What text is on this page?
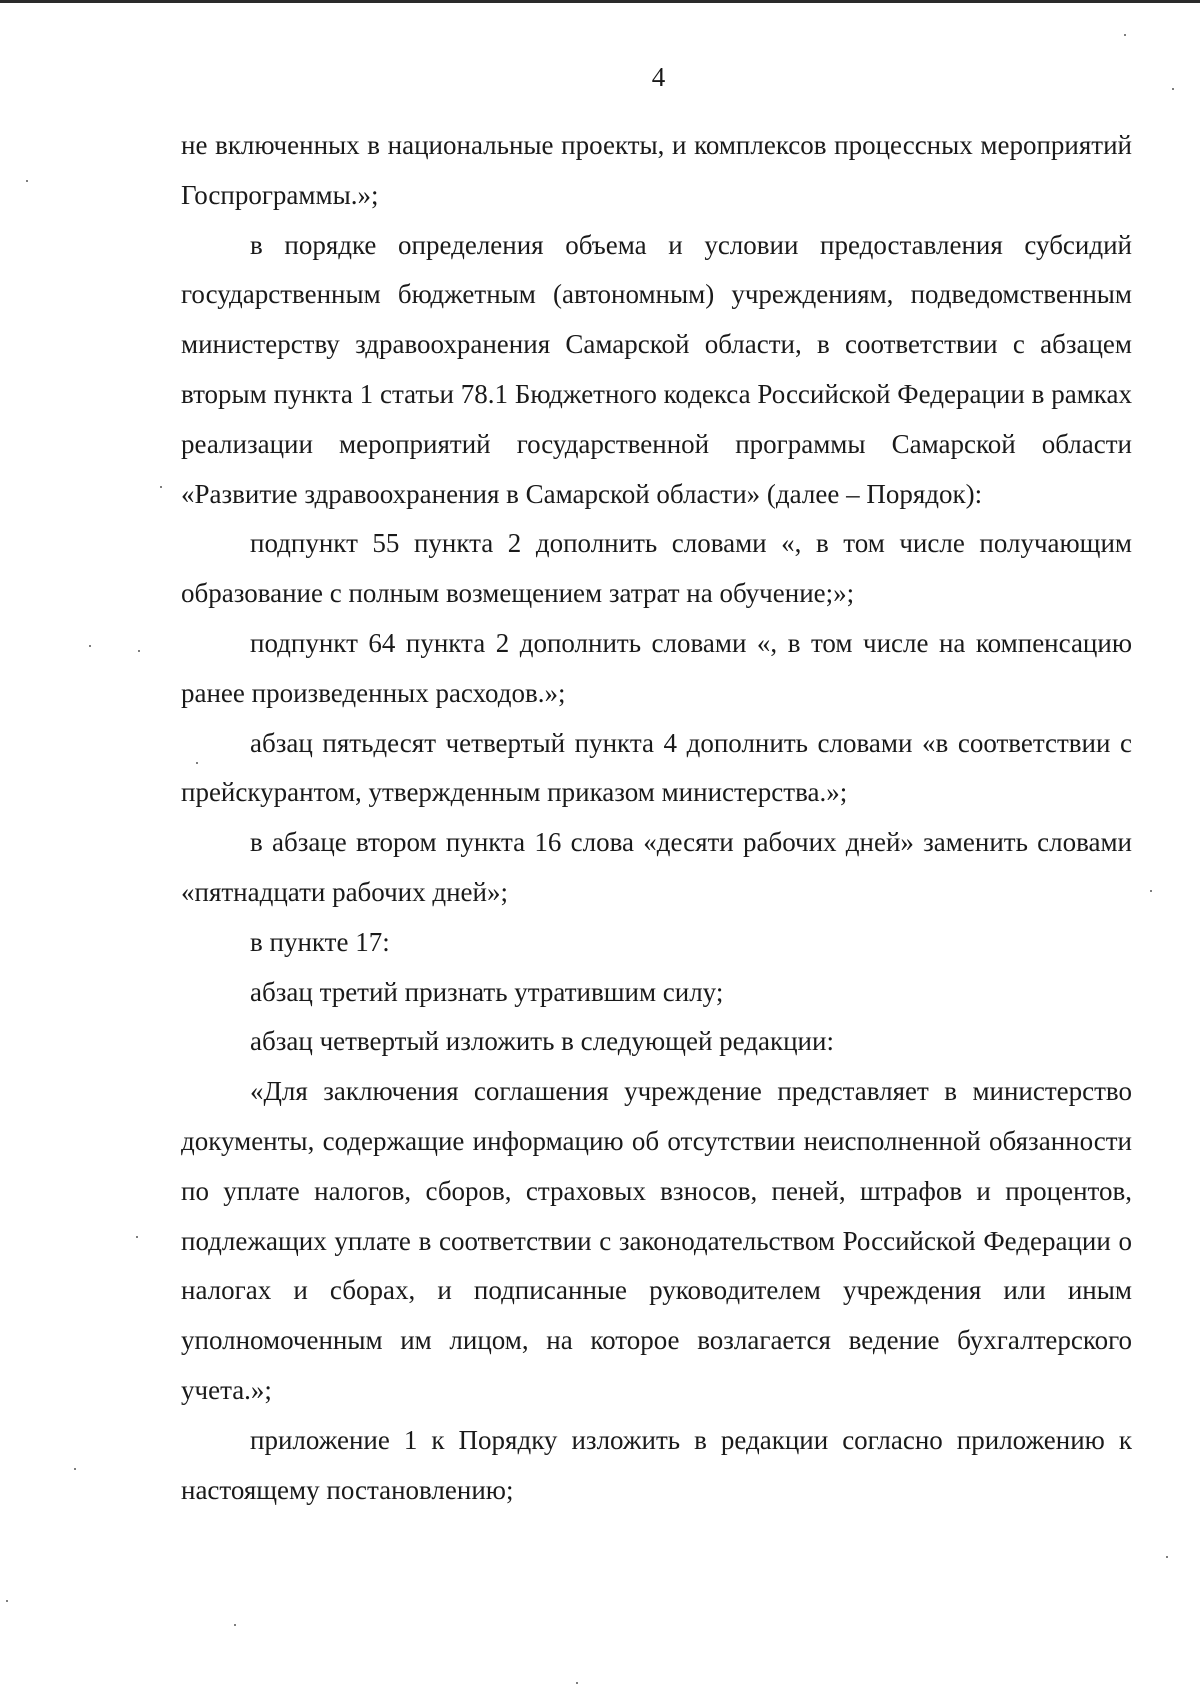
4

не включенных в национальные проекты, и комплексов процессных мероприятий Госпрограммы.»;

в порядке определения объема и условии предоставления субсидий государственным бюджетным (автономным) учреждениям, подведомственным министерству здравоохранения Самарской области, в соответствии с абзацем вторым пункта 1 статьи 78.1 Бюджетного кодекса Российской Федерации в рамках реализации мероприятий государственной программы Самарской области «Развитие здравоохранения в Самарской области» (далее – Порядок):

подпункт 55 пункта 2 дополнить словами «, в том числе получающим образование с полным возмещением затрат на обучение;»;

подпункт 64 пункта 2 дополнить словами «, в том числе на компенсацию ранее произведенных расходов.»;

абзац пятьдесят четвертый пункта 4 дополнить словами «в соответствии с прейскурантом, утвержденным приказом министерства.»;

в абзаце втором пункта 16 слова «десяти рабочих дней» заменить словами «пятнадцати рабочих дней»;

в пункте 17:

абзац третий признать утратившим силу;

абзац четвертый изложить в следующей редакции:

«Для заключения соглашения учреждение представляет в министерство документы, содержащие информацию об отсутствии неисполненной обязанности по уплате налогов, сборов, страховых взносов, пеней, штрафов и процентов, подлежащих уплате в соответствии с законодательством Российской Федерации о налогах и сборах, и подписанные руководителем учреждения или иным уполномоченным им лицом, на которое возлагается ведение бухгалтерского учета.»;

приложение 1 к Порядку изложить в редакции согласно приложению к настоящему постановлению;
